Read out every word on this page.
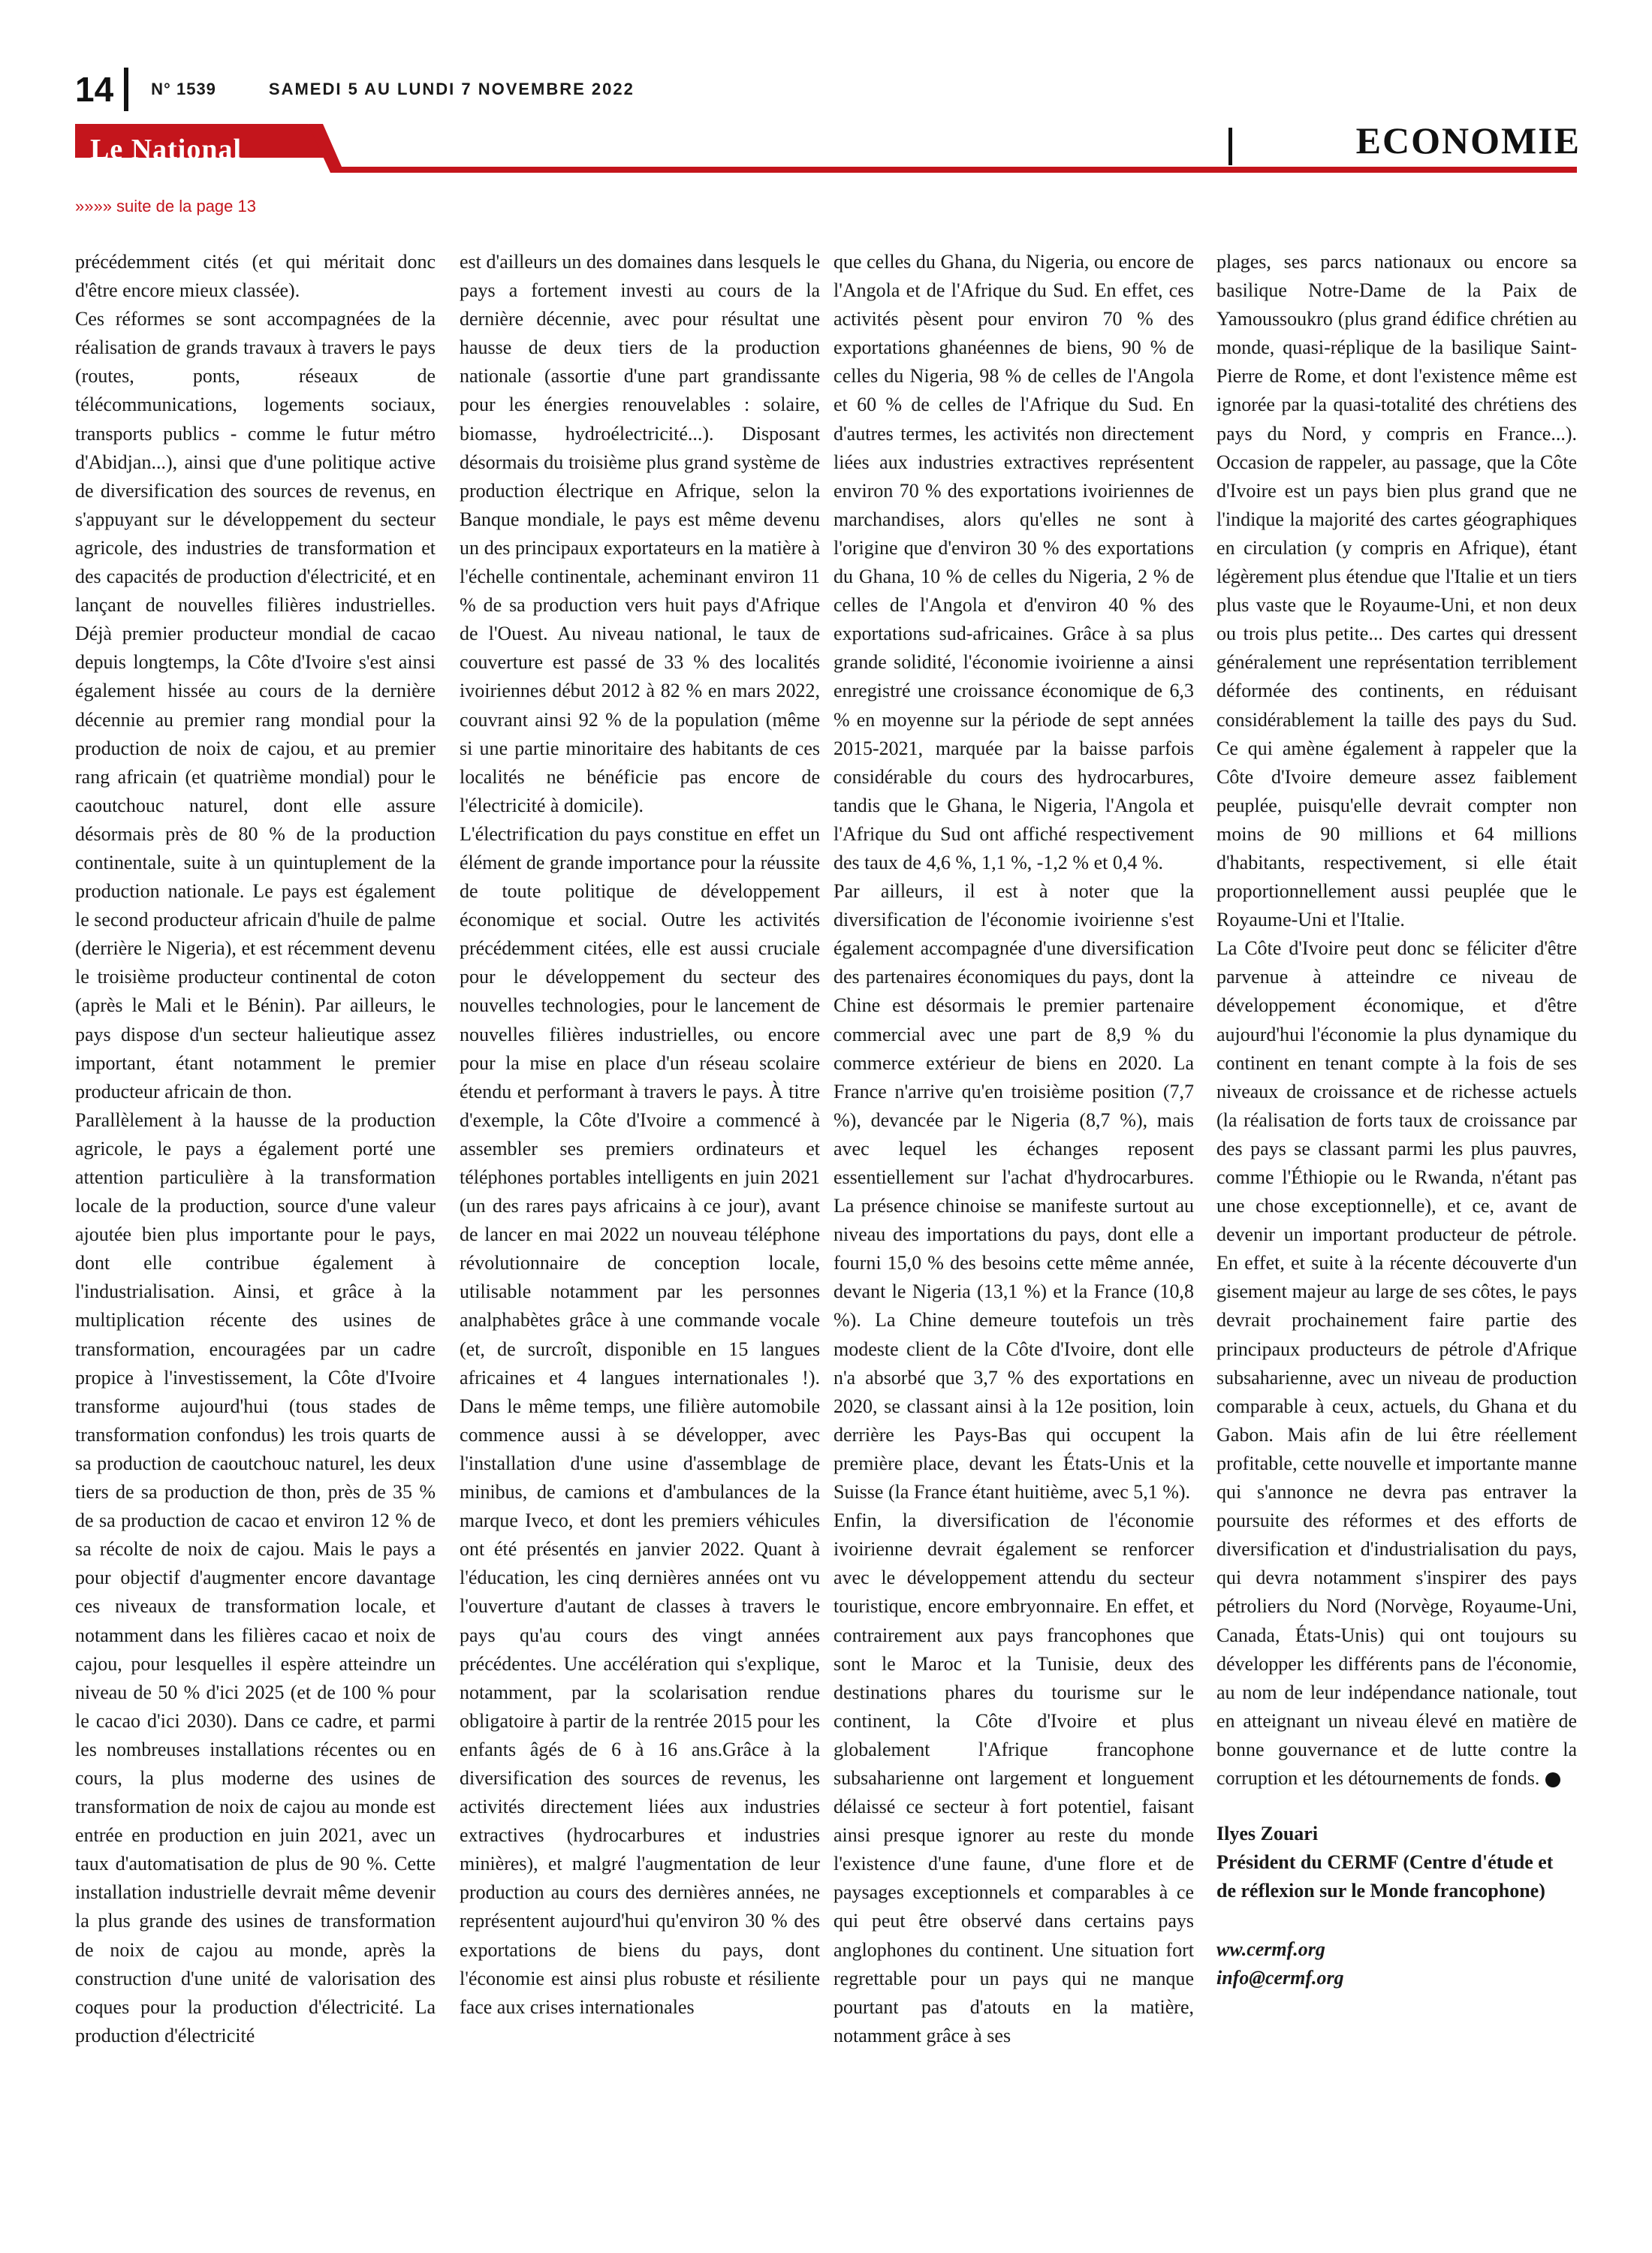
14 N° 1539	SAMEDI 5 AU LUNDI 7 NOVEMBRE 2022
Le National	ECONOMIE
»»»» suite de la page 13

précédemment cités (et qui méritait donc d'être encore mieux classée).

Ces réformes se sont accompagnées de la réalisation de grands travaux à travers le pays (routes, ponts, réseaux de télécommunications, logements sociaux, transports publics - comme le futur métro d'Abidjan...), ainsi que d'une politique active de diversification des sources de revenus, en s'appuyant sur le développement du secteur agricole, des industries de transformation et des capacités de production d'électricité, et en lançant de nouvelles filières industrielles. Déjà premier producteur mondial de cacao depuis longtemps, la Côte d'Ivoire s'est ainsi également hissée au cours de la dernière décennie au premier rang mondial pour la production de noix de cajou, et au premier rang africain (et quatrième mondial) pour le caoutchouc naturel, dont elle assure désormais près de 80 % de la production continentale, suite à un quintuplement de la production nationale. Le pays est également le second producteur africain d'huile de palme (derrière le Nigeria), et est récemment devenu le troisième producteur continental de coton (après le Mali et le Bénin). Par ailleurs, le pays dispose d'un secteur halieutique assez important, étant notamment le premier producteur africain de thon.

Parallèlement à la hausse de la production agricole, le pays a également porté une attention particulière à la transformation locale de la production, source d'une valeur ajoutée bien plus importante pour le pays, dont elle contribue également à l'industrialisation. Ainsi, et grâce à la multiplication récente des usines de transformation, encouragées par un cadre propice à l'investissement, la Côte d'Ivoire transforme aujourd'hui (tous stades de transformation confondus) les trois quarts de sa production de caoutchouc naturel, les deux tiers de sa production de thon, près de 35 % de sa production de cacao et environ 12 % de sa récolte de noix de cajou. Mais le pays a pour objectif d'augmenter encore davantage ces niveaux de transformation locale, et notamment dans les filières cacao et noix de cajou, pour lesquelles il espère atteindre un niveau de 50 % d'ici 2025 (et de 100 % pour le cacao d'ici 2030). Dans ce cadre, et parmi les nombreuses installations récentes ou en cours, la plus moderne des usines de transformation de noix de cajou au monde est entrée en production en juin 2021, avec un taux d'automatisation de plus de 90 %. Cette installation industrielle devrait même devenir la plus grande des usines de transformation de noix de cajou au monde, après la construction d'une unité de valorisation des coques pour la production d'électricité. La production d'électricité

est d'ailleurs un des domaines dans lesquels le pays a fortement investi au cours de la dernière décennie, avec pour résultat une hausse de deux tiers de la production nationale (assortie d'une part grandissante pour les énergies renouvelables : solaire, biomasse, hydroélectricité...). Disposant désormais du troisième plus grand système de production électrique en Afrique, selon la Banque mondiale, le pays est même devenu un des principaux exportateurs en la matière à l'échelle continentale, acheminant environ 11 % de sa production vers huit pays d'Afrique de l'Ouest. Au niveau national, le taux de couverture est passé de 33 % des localités ivoiriennes début 2012 à 82 % en mars 2022, couvrant ainsi 92 % de la population (même si une partie minoritaire des habitants de ces localités ne bénéficie pas encore de l'électricité à domicile).

L'électrification du pays constitue en effet un élément de grande importance pour la réussite de toute politique de développement économique et social. Outre les activités précédemment citées, elle est aussi cruciale pour le développement du secteur des nouvelles technologies, pour le lancement de nouvelles filières industrielles, ou encore pour la mise en place d'un réseau scolaire étendu et performant à travers le pays. À titre d'exemple, la Côte d'Ivoire a commencé à assembler ses premiers ordinateurs et téléphones portables intelligents en juin 2021 (un des rares pays africains à ce jour), avant de lancer en mai 2022 un nouveau téléphone révolutionnaire de conception locale, utilisable notamment par les personnes analphabètes grâce à une commande vocale (et, de surcroît, disponible en 15 langues africaines et 4 langues internationales !). Dans le même temps, une filière automobile commence aussi à se développer, avec l'installation d'une usine d'assemblage de minibus, de camions et d'ambulances de la marque Iveco, et dont les premiers véhicules ont été présentés en janvier 2022. Quant à l'éducation, les cinq dernières années ont vu l'ouverture d'autant de classes à travers le pays qu'au cours des vingt années précédentes. Une accélération qui s'explique, notamment, par la scolarisation rendue obligatoire à partir de la rentrée 2015 pour les enfants âgés de 6 à 16 ans.Grâce à la diversification des sources de revenus, les activités directement liées aux industries extractives (hydrocarbures et industries minières), et malgré l'augmentation de leur production au cours des dernières années, ne représentent aujourd'hui qu'environ 30 % des exportations de biens du pays, dont l'économie est ainsi plus robuste et résiliente face aux crises internationales

que celles du Ghana, du Nigeria, ou encore de l'Angola et de l'Afrique du Sud. En effet, ces activités pèsent pour environ 70 % des exportations ghanéennes de biens, 90 % de celles du Nigeria, 98 % de celles de l'Angola et 60 % de celles de l'Afrique du Sud. En d'autres termes, les activités non directement liées aux industries extractives représentent environ 70 % des exportations ivoiriennes de marchandises, alors qu'elles ne sont à l'origine que d'environ 30 % des exportations du Ghana, 10 % de celles du Nigeria, 2 % de celles de l'Angola et d'environ 40 % des exportations sud-africaines. Grâce à sa plus grande solidité, l'économie ivoirienne a ainsi enregistré une croissance économique de 6,3 % en moyenne sur la période de sept années 2015-2021, marquée par la baisse parfois considérable du cours des hydrocarbures, tandis que le Ghana, le Nigeria, l'Angola et l'Afrique du Sud ont affiché respectivement des taux de 4,6 %, 1,1 %, -1,2 % et 0,4 %.

Par ailleurs, il est à noter que la diversification de l'économie ivoirienne s'est également accompagnée d'une diversification des partenaires économiques du pays, dont la Chine est désormais le premier partenaire commercial avec une part de 8,9 % du commerce extérieur de biens en 2020. La France n'arrive qu'en troisième position (7,7 %), devancée par le Nigeria (8,7 %), mais avec lequel les échanges reposent essentiellement sur l'achat d'hydrocarbures. La présence chinoise se manifeste surtout au niveau des importations du pays, dont elle a fourni 15,0 % des besoins cette même année, devant le Nigeria (13,1 %) et la France (10,8 %). La Chine demeure toutefois un très modeste client de la Côte d'Ivoire, dont elle n'a absorbé que 3,7 % des exportations en 2020, se classant ainsi à la 12e position, loin derrière les Pays-Bas qui occupent la première place, devant les États-Unis et la Suisse (la France étant huitième, avec 5,1 %).

Enfin, la diversification de l'économie ivoirienne devrait également se renforcer avec le développement attendu du secteur touristique, encore embryonnaire. En effet, et contrairement aux pays francophones que sont le Maroc et la Tunisie, deux des destinations phares du tourisme sur le continent, la Côte d'Ivoire et plus globalement l'Afrique francophone subsaharienne ont largement et longuement délaissé ce secteur à fort potentiel, faisant ainsi presque ignorer au reste du monde l'existence d'une faune, d'une flore et de paysages exceptionnels et comparables à ce qui peut être observé dans certains pays anglophones du continent. Une situation fort regrettable pour un pays qui ne manque pourtant pas d'atouts en la matière, notamment grâce à ses

plages, ses parcs nationaux ou encore sa basilique Notre-Dame de la Paix de Yamoussoukro (plus grand édifice chrétien au monde, quasi-réplique de la basilique Saint-Pierre de Rome, et dont l'existence même est ignorée par la quasi-totalité des chrétiens des pays du Nord, y compris en France...). Occasion de rappeler, au passage, que la Côte d'Ivoire est un pays bien plus grand que ne l'indique la majorité des cartes géographiques en circulation (y compris en Afrique), étant légèrement plus étendue que l'Italie et un tiers plus vaste que le Royaume-Uni, et non deux ou trois plus petite... Des cartes qui dressent généralement une représentation terriblement déformée des continents, en réduisant considérablement la taille des pays du Sud. Ce qui amène également à rappeler que la Côte d'Ivoire demeure assez faiblement peuplée, puisqu'elle devrait compter non moins de 90 millions et 64 millions d'habitants, respectivement, si elle était proportionnellement aussi peuplée que le Royaume-Uni et l'Italie.

La Côte d'Ivoire peut donc se féliciter d'être parvenue à atteindre ce niveau de développement économique, et d'être aujourd'hui l'économie la plus dynamique du continent en tenant compte à la fois de ses niveaux de croissance et de richesse actuels (la réalisation de forts taux de croissance par des pays se classant parmi les plus pauvres, comme l'Éthiopie ou le Rwanda, n'étant pas une chose exceptionnelle), et ce, avant de devenir un important producteur de pétrole. En effet, et suite à la récente découverte d'un gisement majeur au large de ses côtes, le pays devrait prochainement faire partie des principaux producteurs de pétrole d'Afrique subsaharienne, avec un niveau de production comparable à ceux, actuels, du Ghana et du Gabon. Mais afin de lui être réellement profitable, cette nouvelle et importante manne qui s'annonce ne devra pas entraver la poursuite des réformes et des efforts de diversification et d'industrialisation du pays, qui devra notamment s'inspirer des pays pétroliers du Nord (Norvège, Royaume-Uni, Canada, États-Unis) qui ont toujours su développer les différents pans de l'économie, au nom de leur indépendance nationale, tout en atteignant un niveau élevé en matière de bonne gouvernance et de lutte contre la corruption et les détournements de fonds.

Ilyes Zouari
Président du CERMF (Centre d'étude et de réflexion sur le Monde francophone)
ww.cermf.org
info@cermf.org
